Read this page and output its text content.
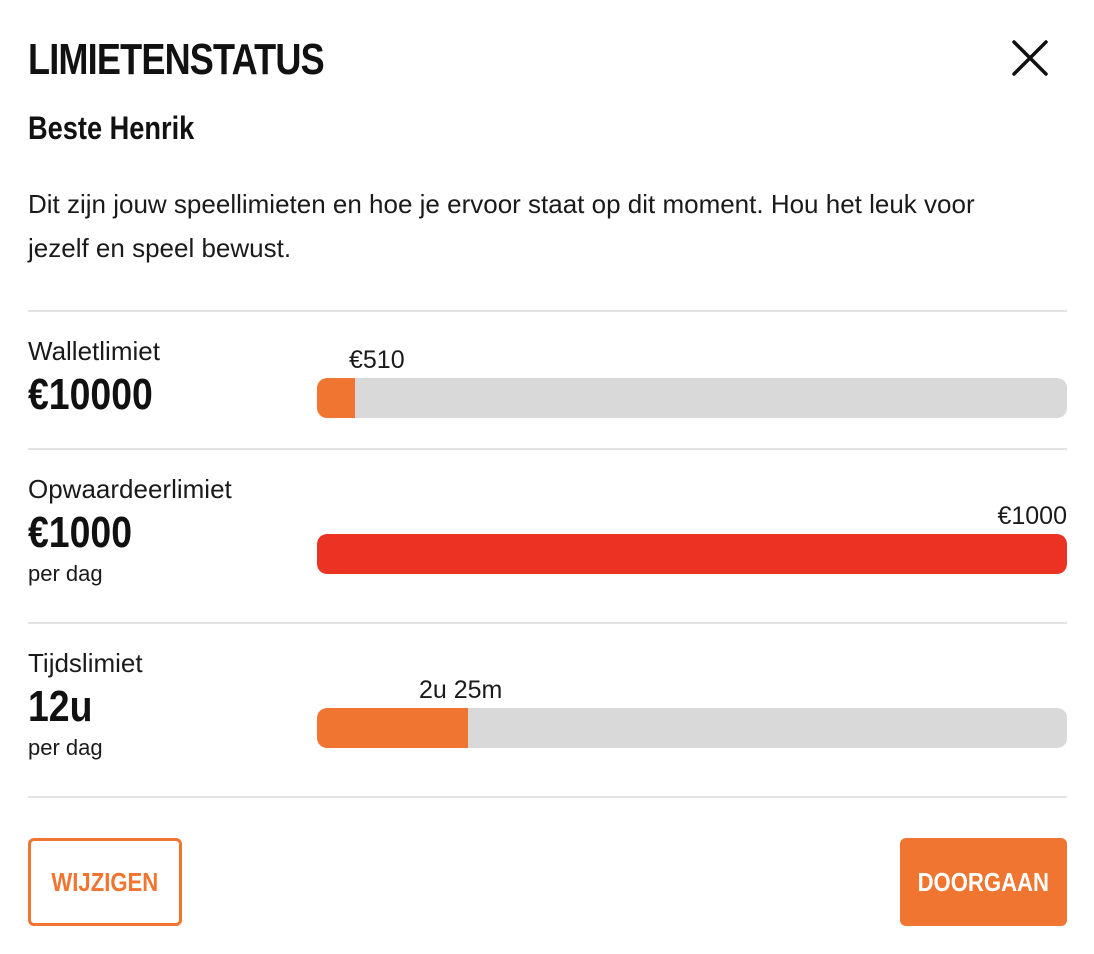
LIMIETENSTATUS
Beste Henrik

Dit zijn jouw speellimieten en hoe je ervoor staat op dit moment. Hou het leuk voor jezelf en speel bewust.

Walletlimiet
€10000
€510
Opwaardeerlimiet
€1000
per dag
€1000
Tijdslimiet
12u
per dag
2u 25m
WIJZIGEN	DOORGAAN
